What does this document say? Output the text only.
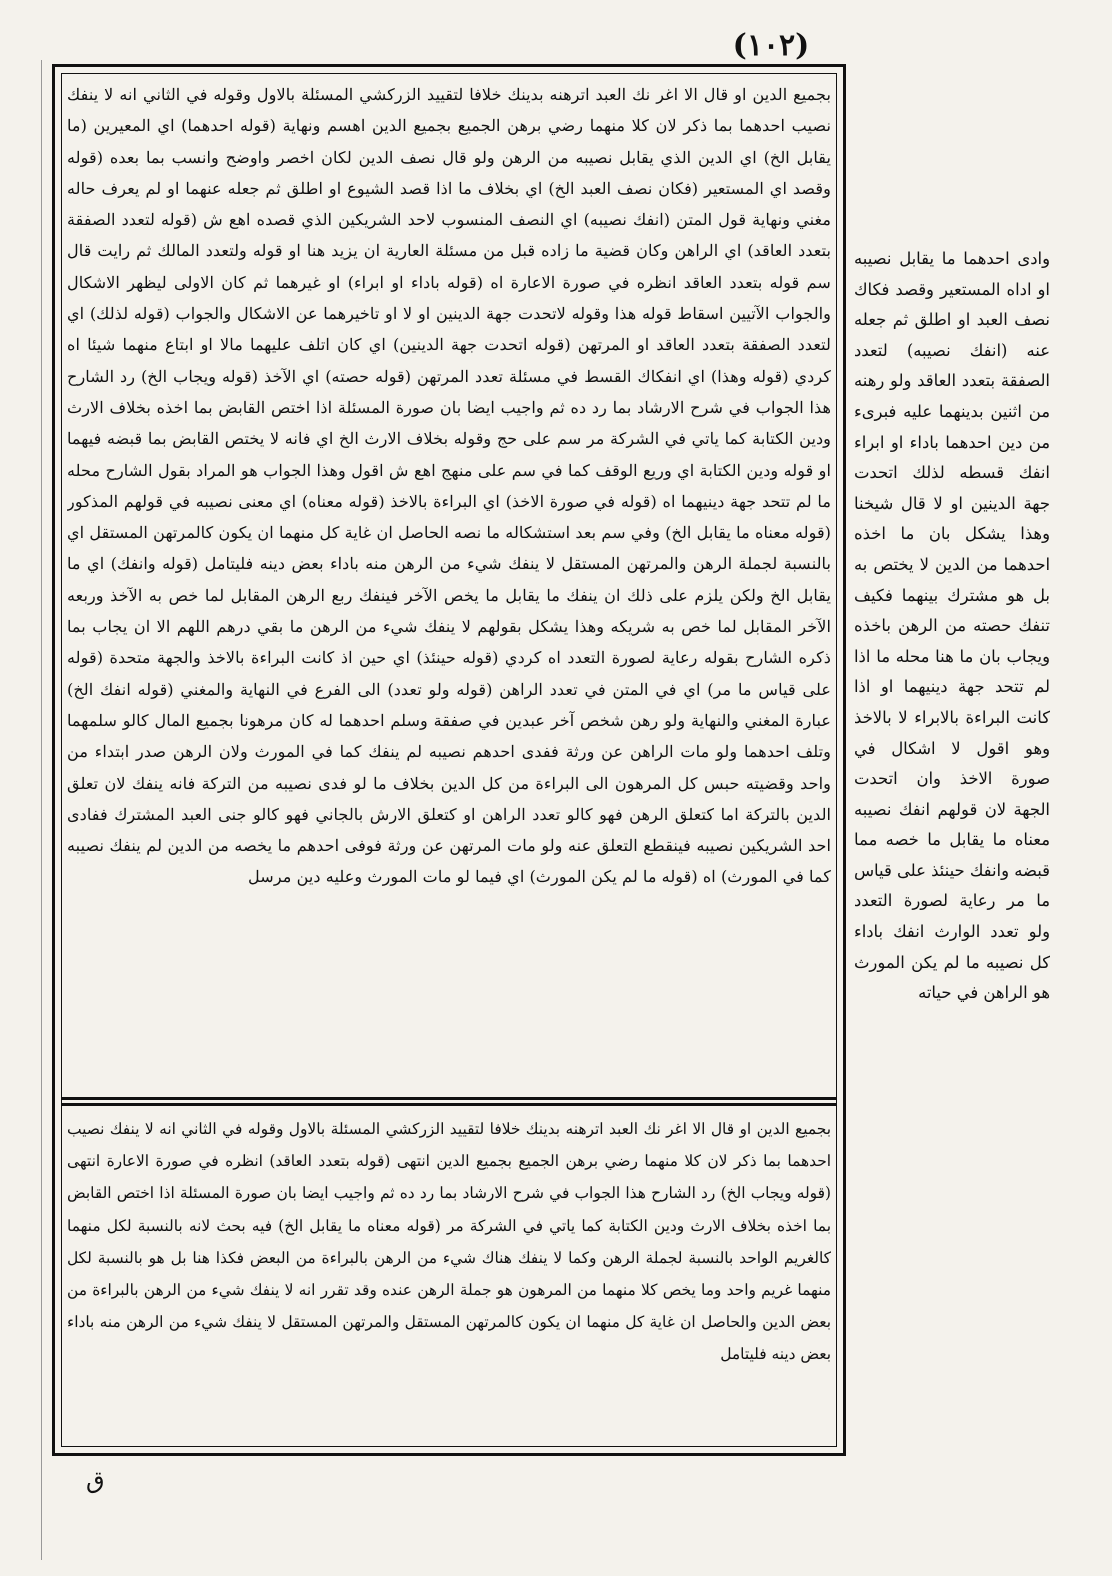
(١٠٢)
بجميع الدين او قال الا اغر نك العبد اترهنه بدينك خلافا لتقييد الزركشي المسئلة بالاول وقوله في الثاني انه لا ينفك نصيب احدهما بما ذكر لان كلا منهما رضي برهن الجميع بجميع الدين اهسم ونهاية (قوله احدهما) اي المعيرين (ما يقابل الخ) اي الدين الذي يقابل نصيبه من الرهن ولو قال نصف الدين لكان اخصر واوضح وانسب بما بعده (قوله وقصد اي المستعير (فكان نصف العبد الخ) اي بخلاف ما اذا قصد الشيوع او اطلق ثم جعله عنهما او لم يعرف حاله مغني ونهاية قول المتن (انفك نصيبه) اي النصف المنسوب لاحد الشريكين الذي قصده اهع ش (قوله لتعدد الصفقة بتعدد العاقد) اي الراهن وكان قضية ما زاده قبل من مسئلة العارية ان يزيد هنا او قوله ولتعدد المالك ثم رايت قال سم قوله بتعدد العاقد انظره في صورة الاعارة اه (قوله باداء او ابراء) او غيرهما ثم كان الاولى ليظهر الاشكال والجواب الآتيين اسقاط قوله هذا وقوله لاتحدت جهة الدينين او لا او تاخيرهما عن الاشكال والجواب (قوله لذلك) اي لتعدد الصفقة بتعدد العاقد او المرتهن (قوله اتحدت جهة الدينين) اي كان اتلف عليهما مالا او ابتاع منهما شيئا اه كردي (قوله وهذا) اي انفكاك القسط في مسئلة تعدد المرتهن (قوله حصته) اي الآخذ (قوله ويجاب الخ) رد الشارح هذا الجواب في شرح الارشاد بما رد ده ثم واجيب ايضا بان صورة المسئلة اذا اختص القابض بما اخذه بخلاف الارث ودين الكتابة كما ياتي في الشركة مر سم على حج وقوله بخلاف الارث الخ اي فانه لا يختص القابض بما قبضه فيهما او قوله ودين الكتابة اي وريع الوقف كما في سم على منهج اهع ش اقول وهذا الجواب هو المراد بقول الشارح محله ما لم تتحد جهة دينيهما اه (قوله في صورة الاخذ) اي البراءة بالاخذ (قوله معناه) اي معنى نصيبه في قولهم المذكور (قوله معناه ما يقابل الخ) وفي سم بعد استشكاله ما نصه الحاصل ان غاية كل منهما ان يكون كالمرتهن المستقل اي بالنسبة لجملة الرهن والمرتهن المستقل لا ينفك شيء من الرهن منه باداء بعض دينه فليتامل (قوله وانفك) اي ما يقابل الخ ولكن يلزم على ذلك ان ينفك ما يقابل ما يخص الآخر فينفك ربع الرهن المقابل لما خص به الآخذ وربعه الآخر المقابل لما خص به شريكه وهذا يشكل بقولهم لا ينفك شيء من الرهن ما بقي درهم اللهم الا ان يجاب بما ذكره الشارح بقوله رعاية لصورة التعدد اه كردي (قوله حينئذ) اي حين اذ كانت البراءة بالاخذ والجهة متحدة (قوله على قياس ما مر) اي في المتن في تعدد الراهن (قوله ولو تعدد) الى الفرع في النهاية والمغني (قوله انفك الخ) عبارة المغني والنهاية ولو رهن شخص آخر عبدين في صفقة وسلم احدهما له كان مرهونا بجميع المال كالو سلمهما وتلف احدهما ولو مات الراهن عن ورثة ففدى احدهم نصيبه لم ينفك كما في المورث ولان الرهن صدر ابتداء من واحد وقضيته حبس كل المرهون الى البراءة من كل الدين بخلاف ما لو فدى نصيبه من التركة فانه ينفك لان تعلق الدين بالتركة اما كتعلق الرهن فهو كالو تعدد الراهن او كتعلق الارش بالجاني فهو كالو جنى العبد المشترك ففادى احد الشريكين نصيبه فينقطع التعلق عنه ولو مات المرتهن عن ورثة فوفى احدهم ما يخصه من الدين لم ينفك نصيبه كما في المورث) اه (قوله ما لم يكن المورث) اي فيما لو مات المورث وعليه دين مرسل
بجميع الدين او قال الا اغر نك العبد اترهنه بدينك خلافا لتقييد الزركشي المسئلة بالاول وقوله في الثاني انه لا ينفك نصيب احدهما بما ذكر لان كلا منهما رضي برهن الجميع بجميع الدين انتهى (قوله بتعدد العاقد) انظره في صورة الاعارة انتهى (قوله ويجاب الخ) رد الشارح هذا الجواب في شرح الارشاد بما رد ده ثم واجيب ايضا بان صورة المسئلة اذا اختص القابض بما اخذه بخلاف الارث ودين الكتابة كما ياتي في الشركة مر (قوله معناه ما يقابل الخ) فيه بحث لانه بالنسبة لكل منهما كالغريم الواحد بالنسبة لجملة الرهن وكما لا ينفك هناك شيء من الرهن بالبراءة من البعض فكذا هنا بل هو بالنسبة لكل منهما غريم واحد وما يخص كلا منهما من المرهون هو جملة الرهن عنده وقد تقرر انه لا ينفك شيء من الرهن بالبراءة من بعض الدين والحاصل ان غاية كل منهما ان يكون كالمرتهن المستقل والمرتهن المستقل لا ينفك شيء من الرهن منه باداء بعض دينه فليتامل
وادى احدهما ما يقابل نصيبه او اداه المستعير وقصد فكاك نصف العبد او اطلق ثم جعله عنه (انفك نصيبه) لتعدد الصفقة بتعدد العاقد ولو رهنه من اثنين بدينهما عليه فبرىء من دين احدهما باداء او ابراء انفك قسطه لذلك اتحدت جهة الدينين او لا قال شيخنا وهذا يشكل بان ما اخذه احدهما من الدين لا يختص به بل هو مشترك بينهما فكيف تنفك حصته من الرهن باخذه ويجاب بان ما هنا محله ما اذا لم تتحد جهة دينيهما او اذا كانت البراءة بالابراء لا بالاخذ وهو اقول لا اشكال في صورة الاخذ وان اتحدت الجهة لان قولهم انفك نصيبه معناه ما يقابل ما خصه مما قبضه وانفك حينئذ على قياس ما مر رعاية لصورة التعدد ولو تعدد الوارث انفك باداء كل نصيبه ما لم يكن المورث هو الراهن في حياته
ق
